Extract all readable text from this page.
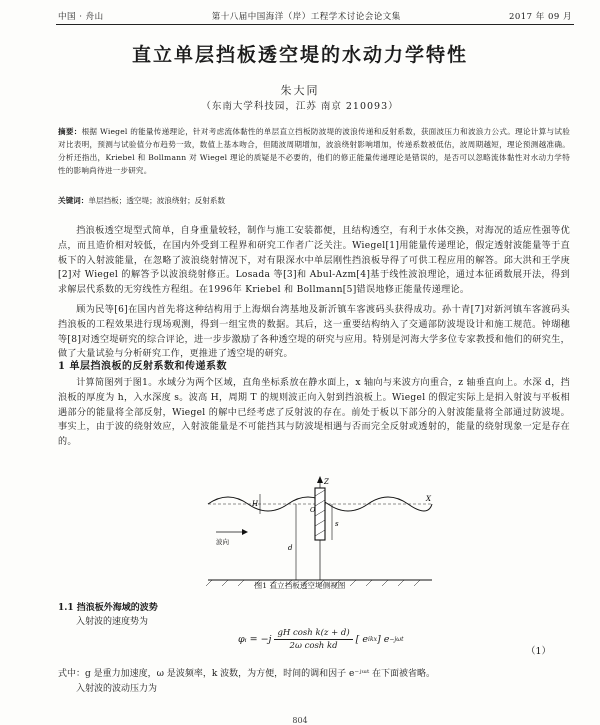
中国 · 舟山	第十八届中国海洋（岸）工程学术讨论会论文集	2017 年 09 月
直立单层挡板透空堤的水动力学特性
朱大同
（东南大学科技园，江苏 南京 210093）
摘要：根据 Wiegel 的能量传递理论，针对考虑流体黏性的单层直立挡板防波堤的波浪传递和反射系数，获面波压力和波浪力公式。理论计算与试验对比表明，预测与试验值分布趋势一致，数值上基本吻合，但随波周期增加，波浪绕射影响增加，传递系数被低估，波周期越短，理论预测越准确。分析还指出，Kriebel 和 Bollmann 对 Wiegel 理论的质疑是不必要的，他们的修正能量传递理论是错误的，是否可以忽略流体黏性对水动力学特性的影响尚待进一步研究。
关键词：单层挡板；透空堤；波浪绕射；反射系数
挡浪板透空堤型式简单，自身重量较轻，制作与施工安装都便，且结构透空，有利于水体交换，对海况的适应性强等优点，而且造价相对较低，在国内外受到工程界和研究工作者广泛关注。Wiegel[1]用能量传递理论，假定透射波能量等于直板下的入射波能量，在忽略了波浪绕射情况下，对有限深水中单层刚性挡浪板导得了可供工程应用的解答。邱大洪和王学庚[2]对 Wiegel 的解答予以波浪绕射修正。Losada 等[3]和 Abul-Azm[4]基于线性波浪理论，通过本征函数展开法，得到求解层代系数的无穷线性方程组。在1996年 Kriebel 和 Bollmann[5]错误地修正能量传递理论。
顾为民等[6]在国内首先将这种结构用于上海烟台湾基地及新沂镇车客渡码头获得成功。孙十青[7]对新河镇车客渡码头挡浪板的工程效果进行现场观测，得到一组宝贵的数据。其后，这一重要结构纳入了交通部防波堤设计和施工规范。钟瑚穗等[8]对透空堤研究的综合评论，进一步步激励了各种透空堤的研究与应用。特别是河海大学多位专家教授和他们的研究生，做了大量试验与分析研究工作，更推进了透空堤的研究。
1 单层挡浪板的反射系数和传递系数
计算简图列于图1。水域分为两个区域，直角坐标系放在静水面上，x 轴向与来波方向重合，z 轴垂直向上。水深 d，挡浪板的厚度为 h，入水深度 s。波高 H，周期 T 的规则波正向入射到挡浪板上。Wiegel 的假定实际上是捐入射波与平板相遇部分的能量将全部反射，Wiegel 的解中已经考虑了反射波的存在。前处于板以下部分的入射波能量将全部通过防波堤。事实上，由于波的绕射效应，入射波能量是不可能挡其与防波堤相遇与否而完全反射或透射的，能量的绕射现象一定是存在的。
Z
X
O
H
s
d
波向
图1 直立挡板透空堤侧视图
1.1 挡浪板外海域的波势
入射波的速度势为
φᵢ = $-j \frac{\text{gH cosh k(z + d)}}{\text{2ω cosh kd}}$ [ e ikx ] e −jωt
（1）
式中：g 是重力加速度，ω 是波频率，k 波数，为方便，时间的调和因子 e⁻ʲᵚᵗ 在下面被省略。
入射波的波动压力为
804
